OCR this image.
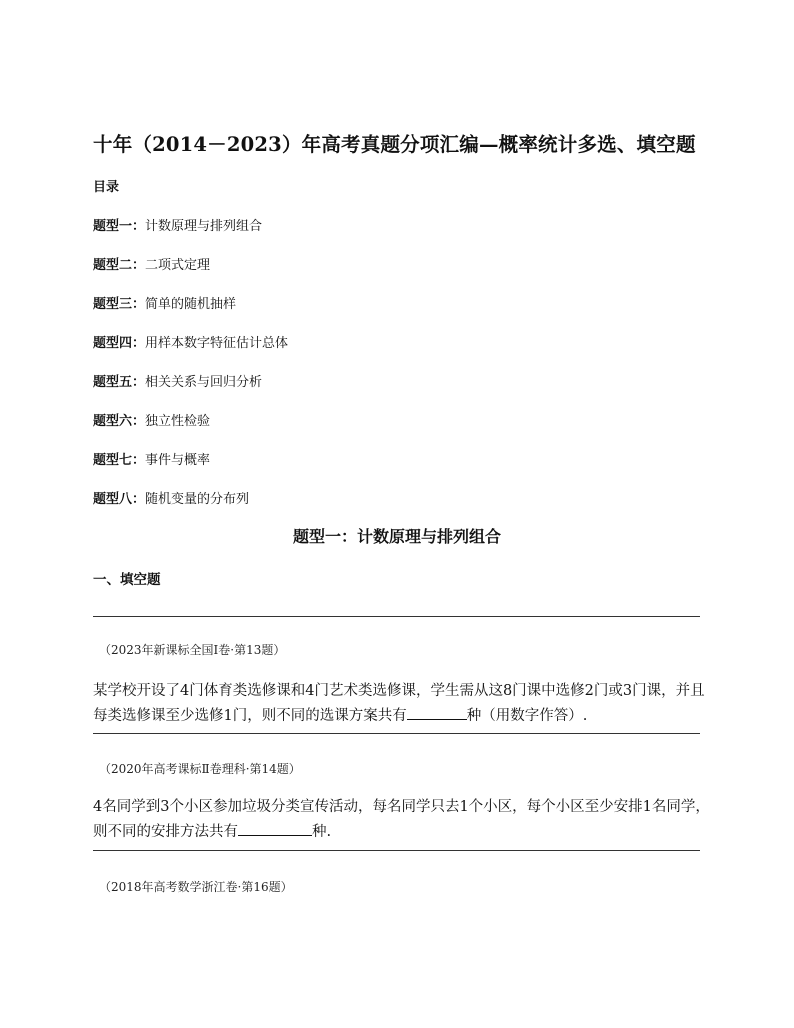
十年（2014－2023）年高考真题分项汇编—概率统计多选、填空题
目录
题型一：计数原理与排列组合
题型二：二项式定理
题型三：简单的随机抽样
题型四：用样本数字特征估计总体
题型五：相关关系与回归分析
题型六：独立性检验
题型七：事件与概率
题型八：随机变量的分布列
题型一：计数原理与排列组合
一、填空题
（2023年新课标全国Ⅰ卷·第13题）
某学校开设了4门体育类选修课和4门艺术类选修课，学生需从这8门课中选修2门或3门课，并且每类选修课至少选修1门，则不同的选课方案共有	种（用数字作答）.
（2020年高考课标Ⅱ卷理科·第14题）
4名同学到3个小区参加垃圾分类宣传活动，每名同学只去1个小区，每个小区至少安排1名同学，则不同的安排方法共有	种.
（2018年高考数学浙江卷·第16题）
